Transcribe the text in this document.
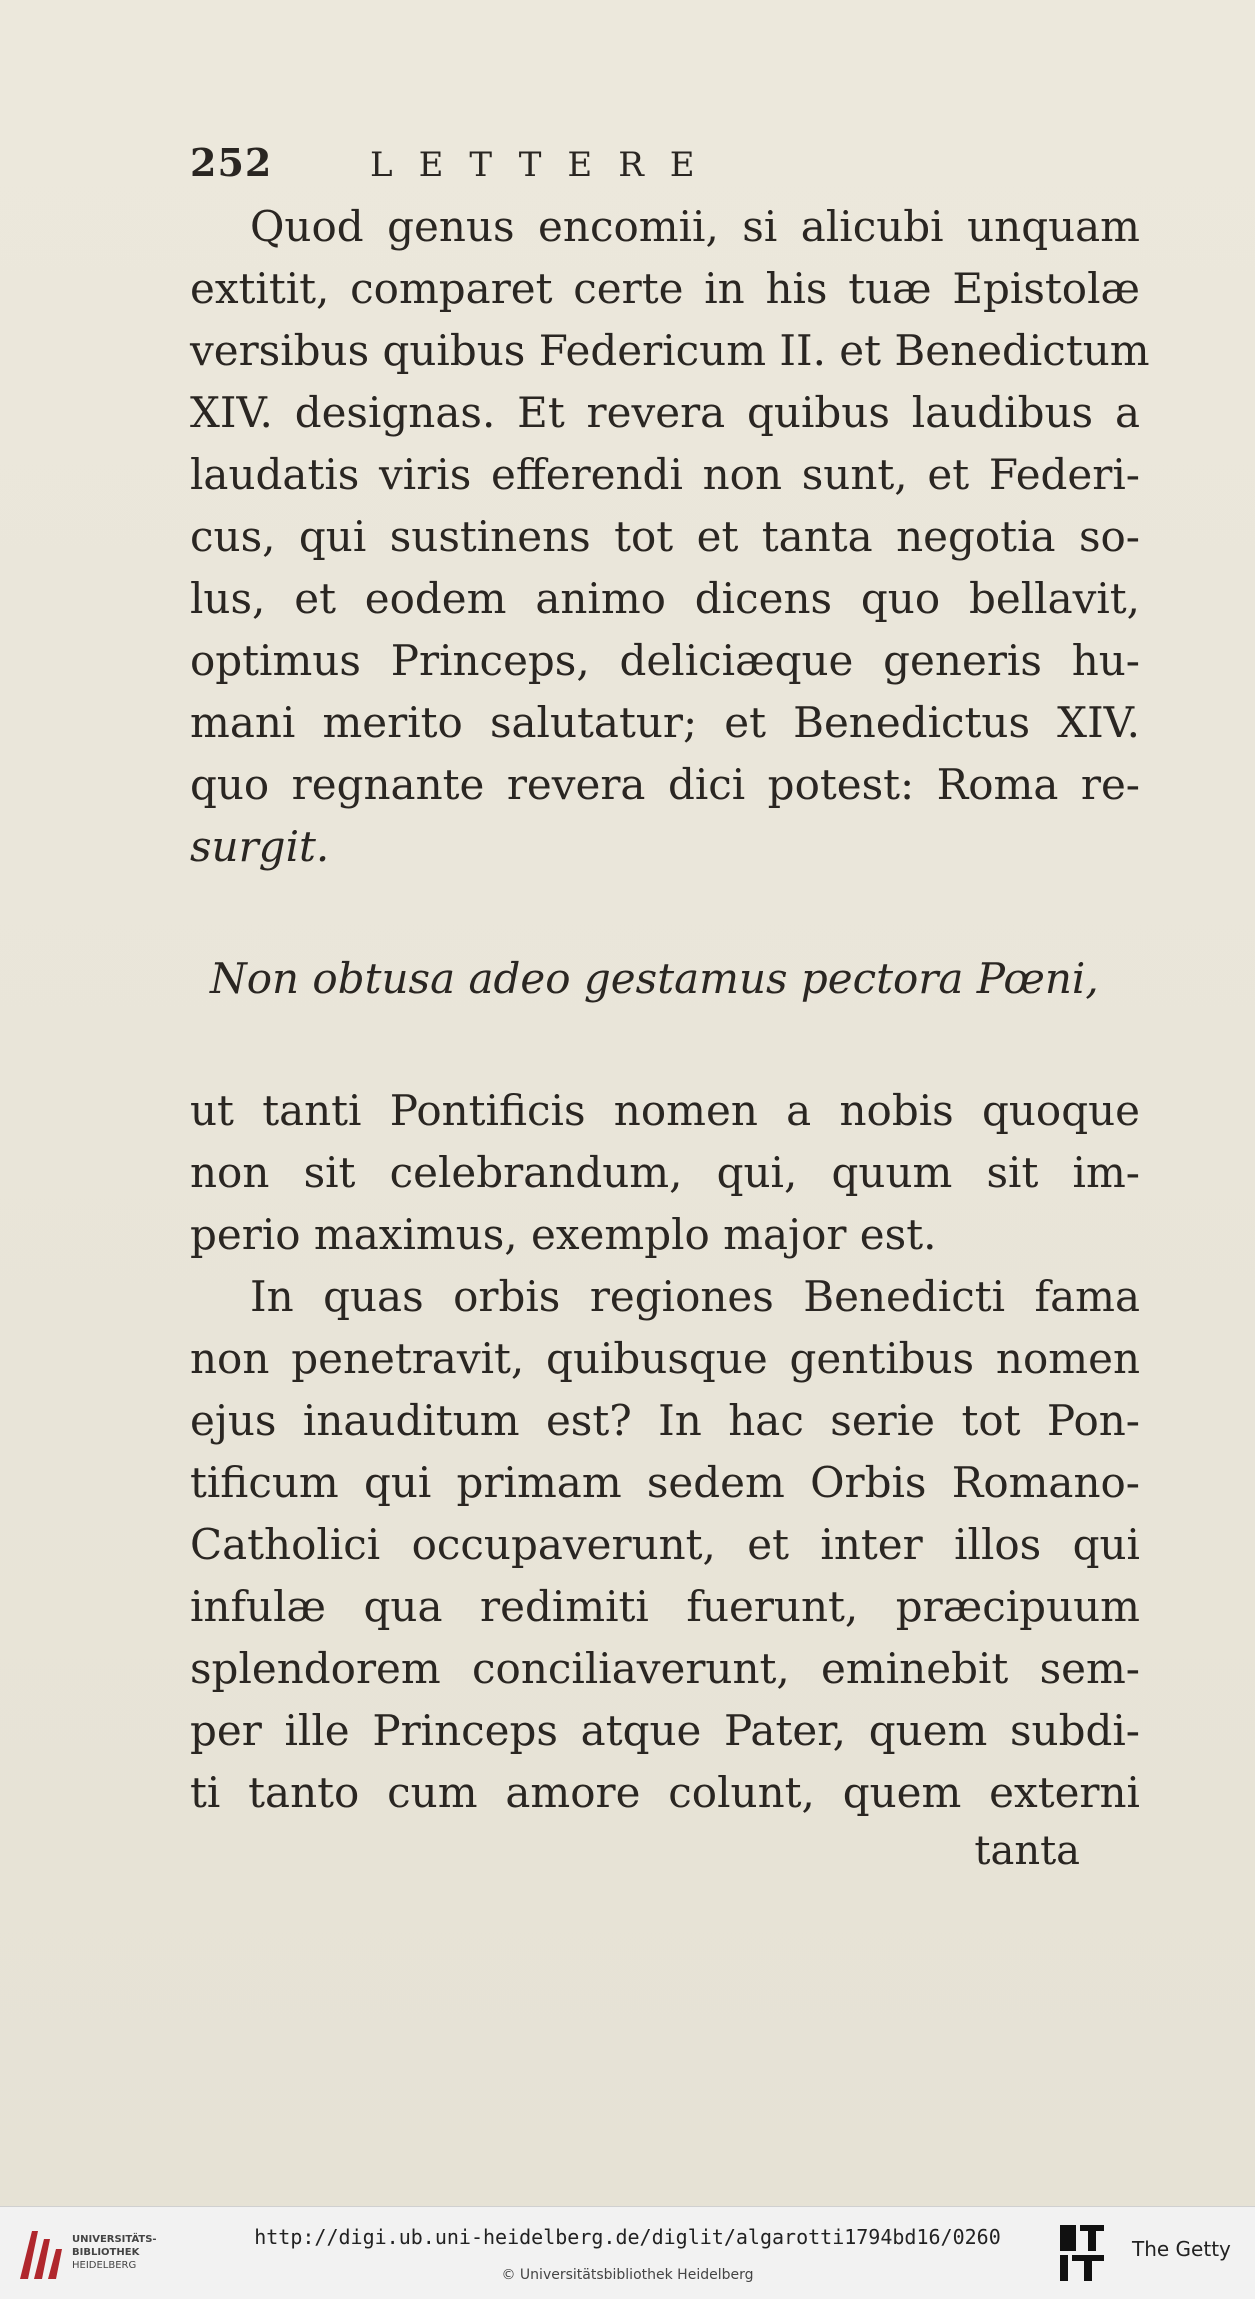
252	LETTERE

Quod genus encomii, si alicubi unquam
extitit, comparet certe in his tuæ Epistolæ
versibus quibus Federicum II. et Benedictum
XIV. designas. Et revera quibus laudibus a
laudatis viris efferendi non sunt, et Federi-
cus, qui sustinens tot et tanta negotia so-
lus, et eodem animo dicens quo bellavit,
optimus Princeps, deliciæque generis hu-
mani merito salutatur; et Benedictus XIV.
quo regnante revera dici potest: Roma re-
surgit.

Non obtusa adeo gestamus pectora Pœni,

ut tanti Pontificis nomen a nobis quoque
non sit celebrandum, qui, quum sit im-
perio maximus, exemplo major est.

In quas orbis regiones Benedicti fama
non penetravit, quibusque gentibus nomen
ejus inauditum est? In hac serie tot Pon-
tificum qui primam sedem Orbis Romano-
Catholici occupaverunt, et inter illos qui
infulæ qua redimiti fuerunt, præcipuum
splendorem conciliaverunt, eminebit sem-
per ille Princeps atque Pater, quem subdi-
ti tanto cum amore colunt, quem externi

tanta
UNIVERSITÄTS-
BIBLIOTHEK
HEIDELBERG
http://digi.ub.uni-heidelberg.de/diglit/algarotti1794bd16/0260
© Universitätsbibliothek Heidelberg
The Getty
